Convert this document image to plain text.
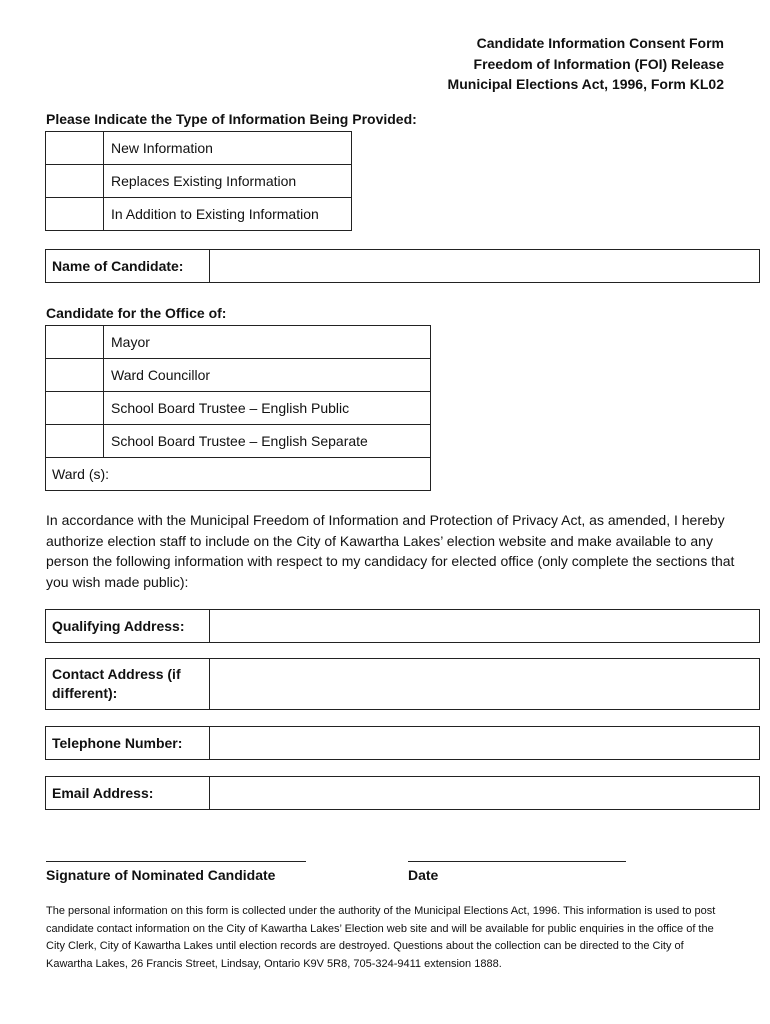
Candidate Information Consent Form
Freedom of Information (FOI) Release
Municipal Elections Act, 1996, Form KL02
Please Indicate the Type of Information Being Provided:
	New Information
	Replaces Existing Information
	In Addition to Existing Information
Name of Candidate:
Candidate for the Office of:
	Mayor
	Ward Councillor
	School Board Trustee – English Public
	School Board Trustee – English Separate
Ward (s):	
In accordance with the Municipal Freedom of Information and Protection of Privacy Act, as amended, I hereby authorize election staff to include on the City of Kawartha Lakes’ election website and make available to any person the following information with respect to my candidacy for elected office (only complete the sections that you wish made public):
Qualifying Address:
Contact Address (if different):
Telephone Number:
Email Address:
Signature of Nominated Candidate	Date
The personal information on this form is collected under the authority of the Municipal Elections Act, 1996. This information is used to post candidate contact information on the City of Kawartha Lakes’ Election web site and will be available for public enquiries in the office of the City Clerk, City of Kawartha Lakes until election records are destroyed. Questions about the collection can be directed to the City of Kawartha Lakes, 26 Francis Street, Lindsay, Ontario K9V 5R8, 705-324-9411 extension 1888.
